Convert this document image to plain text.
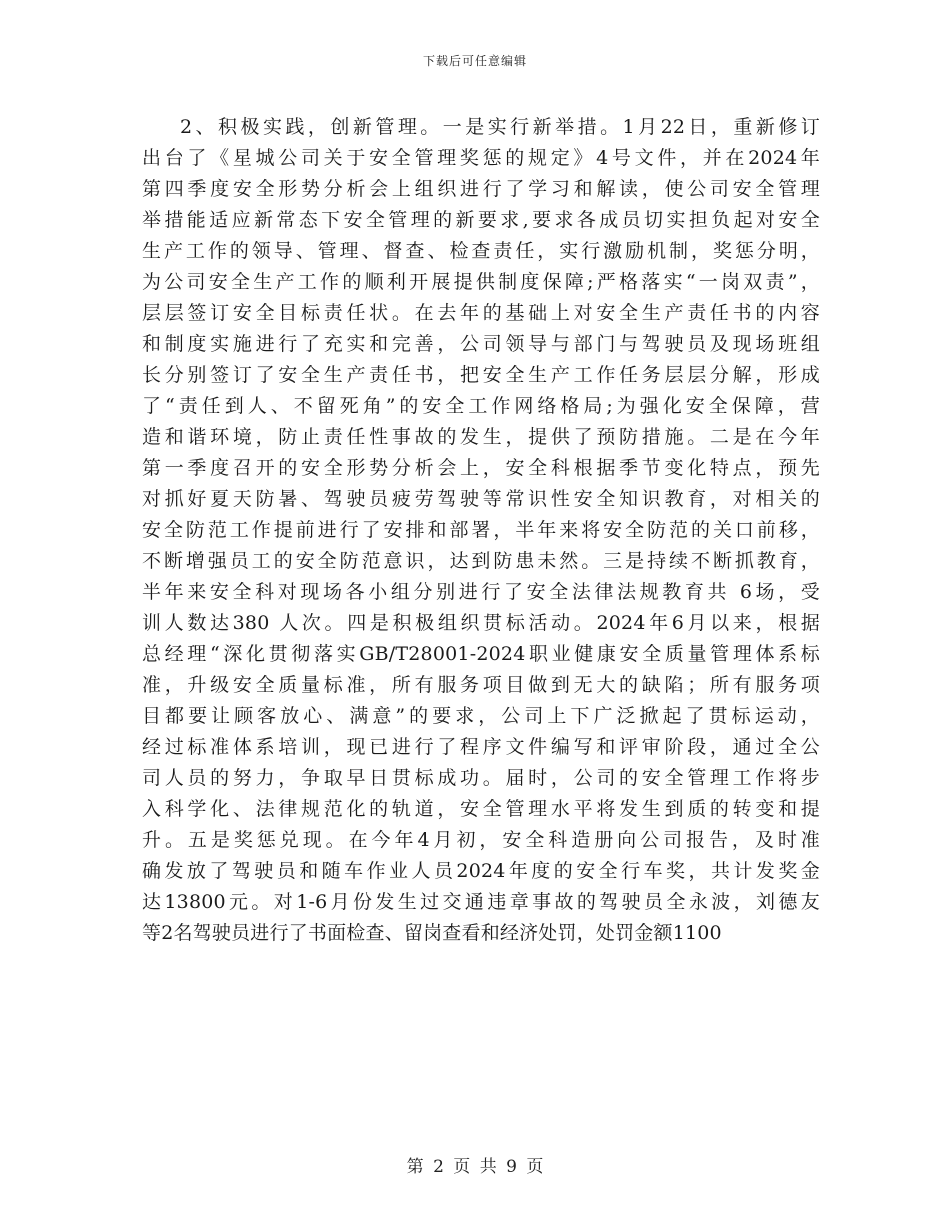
下载后可任意编辑
2、积极实践，创新管理。一是实行新举措。1月22日，重新修订
出台了《星城公司关于安全管理奖惩的规定》4号文件，并在2024年
第四季度安全形势分析会上组织进行了学习和解读，使公司安全管理
举措能适应新常态下安全管理的新要求,要求各成员切实担负起对安全
生产工作的领导、管理、督查、检查责任，实行激励机制，奖惩分明，
为公司安全生产工作的顺利开展提供制度保障;严格落实“一岗双责”，
层层签订安全目标责任状。在去年的基础上对安全生产责任书的内容
和制度实施进行了充实和完善，公司领导与部门与驾驶员及现场班组
长分别签订了安全生产责任书，把安全生产工作任务层层分解，形成
了“责任到人、不留死角”的安全工作网络格局;为强化安全保障，营
造和谐环境，防止责任性事故的发生，提供了预防措施。二是在今年
第一季度召开的安全形势分析会上，安全科根据季节变化特点，预先
对抓好夏天防暑、驾驶员疲劳驾驶等常识性安全知识教育，对相关的
安全防范工作提前进行了安排和部署，半年来将安全防范的关口前移，
不断增强员工的安全防范意识，达到防患未然。三是持续不断抓教育，
半年来安全科对现场各小组分别进行了安全法律法规教育共 6场，受
训人数达380 人次。四是积极组织贯标活动。2024年6月以来，根据
总经理“深化贯彻落实GB/T28001-2024职业健康安全质量管理体系标
准，升级安全质量标准，所有服务项目做到无大的缺陷；所有服务项
目都要让顾客放心、满意”的要求，公司上下广泛掀起了贯标运动，
经过标准体系培训，现已进行了程序文件编写和评审阶段，通过全公
司人员的努力，争取早日贯标成功。届时，公司的安全管理工作将步
入科学化、法律规范化的轨道，安全管理水平将发生到质的转变和提
升。五是奖惩兑现。在今年4月初，安全科造册向公司报告，及时准
确发放了驾驶员和随车作业人员2024年度的安全行车奖，共计发奖金
达13800元。对1-6月份发生过交通违章事故的驾驶员全永波，刘德友
等2名驾驶员进行了书面检查、留岗查看和经济处罚，处罚金额1100
第 2 页 共 9 页
